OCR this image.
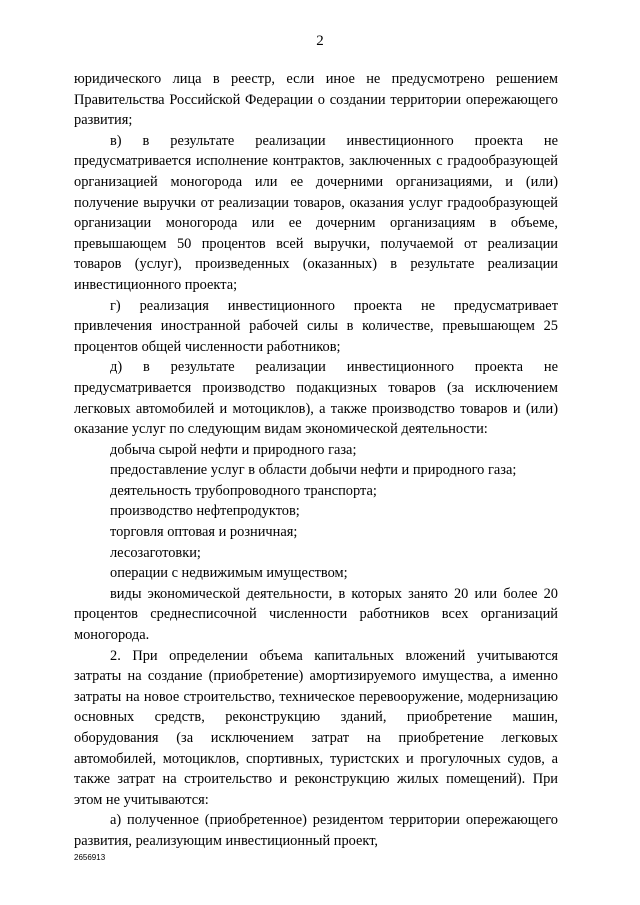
2

юридического лица в реестр, если иное не предусмотрено решением Правительства Российской Федерации о создании территории опережающего развития;

в) в результате реализации инвестиционного проекта не предусматривается исполнение контрактов, заключенных с градообразующей организацией моногорода или ее дочерними организациями, и (или) получение выручки от реализации товаров, оказания услуг градообразующей организации моногорода или ее дочерним организациям в объеме, превышающем 50 процентов всей выручки, получаемой от реализации товаров (услуг), произведенных (оказанных) в результате реализации инвестиционного проекта;

г) реализация инвестиционного проекта не предусматривает привлечения иностранной рабочей силы в количестве, превышающем 25 процентов общей численности работников;

д) в результате реализации инвестиционного проекта не предусматривается производство подакцизных товаров (за исключением легковых автомобилей и мотоциклов), а также производство товаров и (или) оказание услуг по следующим видам экономической деятельности:

добыча сырой нефти и природного газа;

предоставление услуг в области добычи нефти и природного газа;

деятельность трубопроводного транспорта;

производство нефтепродуктов;

торговля оптовая и розничная;

лесозаготовки;

операции с недвижимым имуществом;

виды экономической деятельности, в которых занято 20 или более 20 процентов среднесписочной численности работников всех организаций моногорода.

2. При определении объема капитальных вложений учитываются затраты на создание (приобретение) амортизируемого имущества, а именно затраты на новое строительство, техническое перевооружение, модернизацию основных средств, реконструкцию зданий, приобретение машин, оборудования (за исключением затрат на приобретение легковых автомобилей, мотоциклов, спортивных, туристских и прогулочных судов, а также затрат на строительство и реконструкцию жилых помещений). При этом не учитываются:

а) полученное (приобретенное) резидентом территории опережающего развития, реализующим инвестиционный проект,

2656913
